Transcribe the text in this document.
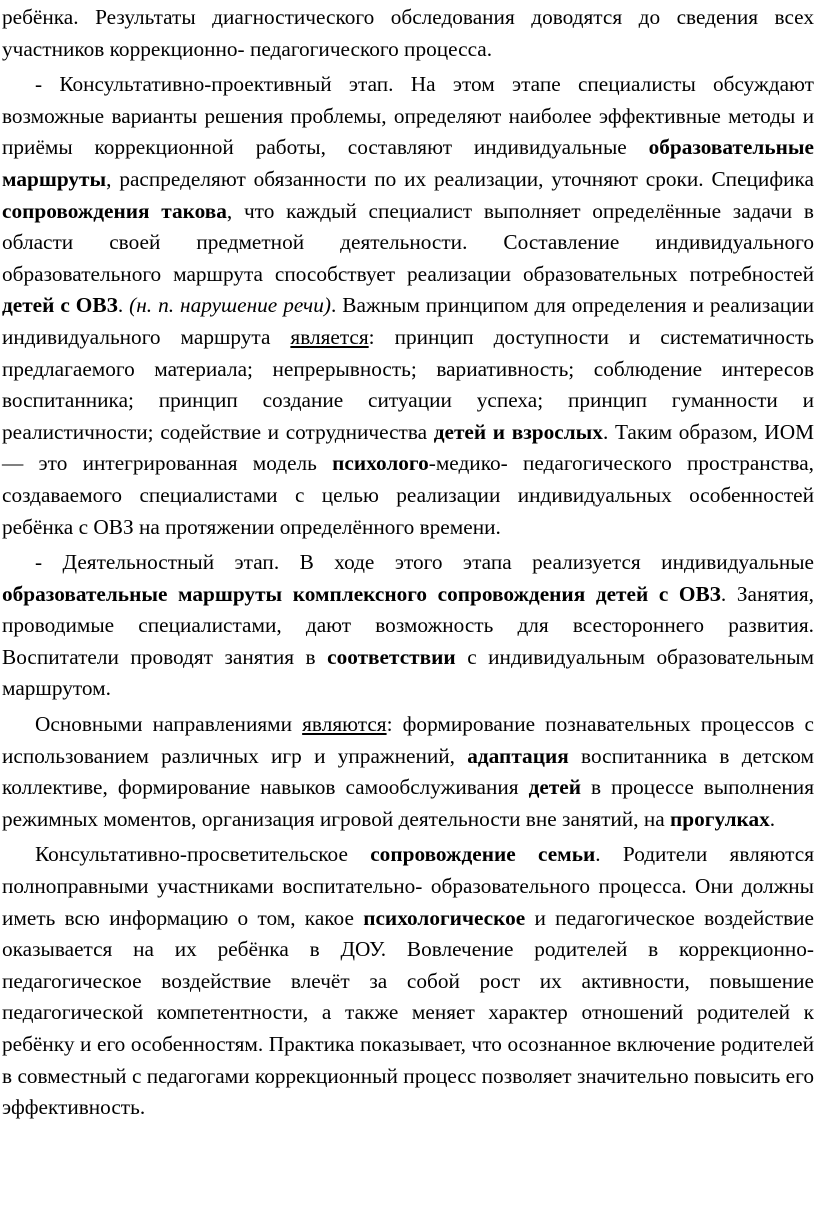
ребёнка. Результаты диагностического обследования доводятся до сведения всех участников коррекционно- педагогического процесса.

- Консультативно-проективный этап. На этом этапе специалисты обсуждают возможные варианты решения проблемы, определяют наиболее эффективные методы и приёмы коррекционной работы, составляют индивидуальные образовательные маршруты, распределяют обязанности по их реализации, уточняют сроки. Специфика сопровождения такова, что каждый специалист выполняет определённые задачи в области своей предметной деятельности. Составление индивидуального образовательного маршрута способствует реализации образовательных потребностей детей с ОВЗ. (н. п. нарушение речи). Важным принципом для определения и реализации индивидуального маршрута является: принцип доступности и систематичность предлагаемого материала; непрерывность; вариативность; соблюдение интересов воспитанника; принцип создание ситуации успеха; принцип гуманности и реалистичности; содействие и сотрудничества детей и взрослых. Таким образом, ИОМ — это интегрированная модель психолого-медико- педагогического пространства, создаваемого специалистами с целью реализации индивидуальных особенностей ребёнка с ОВЗ на протяжении определённого времени.

- Деятельностный этап. В ходе этого этапа реализуется индивидуальные образовательные маршруты комплексного сопровождения детей с ОВЗ. Занятия, проводимые специалистами, дают возможность для всестороннего развития. Воспитатели проводят занятия в соответствии с индивидуальным образовательным маршрутом.

Основными направлениями являются: формирование познавательных процессов с использованием различных игр и упражнений, адаптация воспитанника в детском коллективе, формирование навыков самообслуживания детей в процессе выполнения режимных моментов, организация игровой деятельности вне занятий, на прогулках.

Консультативно-просветительское сопровождение семьи. Родители являются полноправными участниками воспитательно- образовательного процесса. Они должны иметь всю информацию о том, какое психологическое и педагогическое воздействие оказывается на их ребёнка в ДОУ. Вовлечение родителей в коррекционно- педагогическое воздействие влечёт за собой рост их активности, повышение педагогической компетентности, а также меняет характер отношений родителей к ребёнку и его особенностям. Практика показывает, что осознанное включение родителей в совместный с педагогами коррекционный процесс позволяет значительно повысить его эффективность.
